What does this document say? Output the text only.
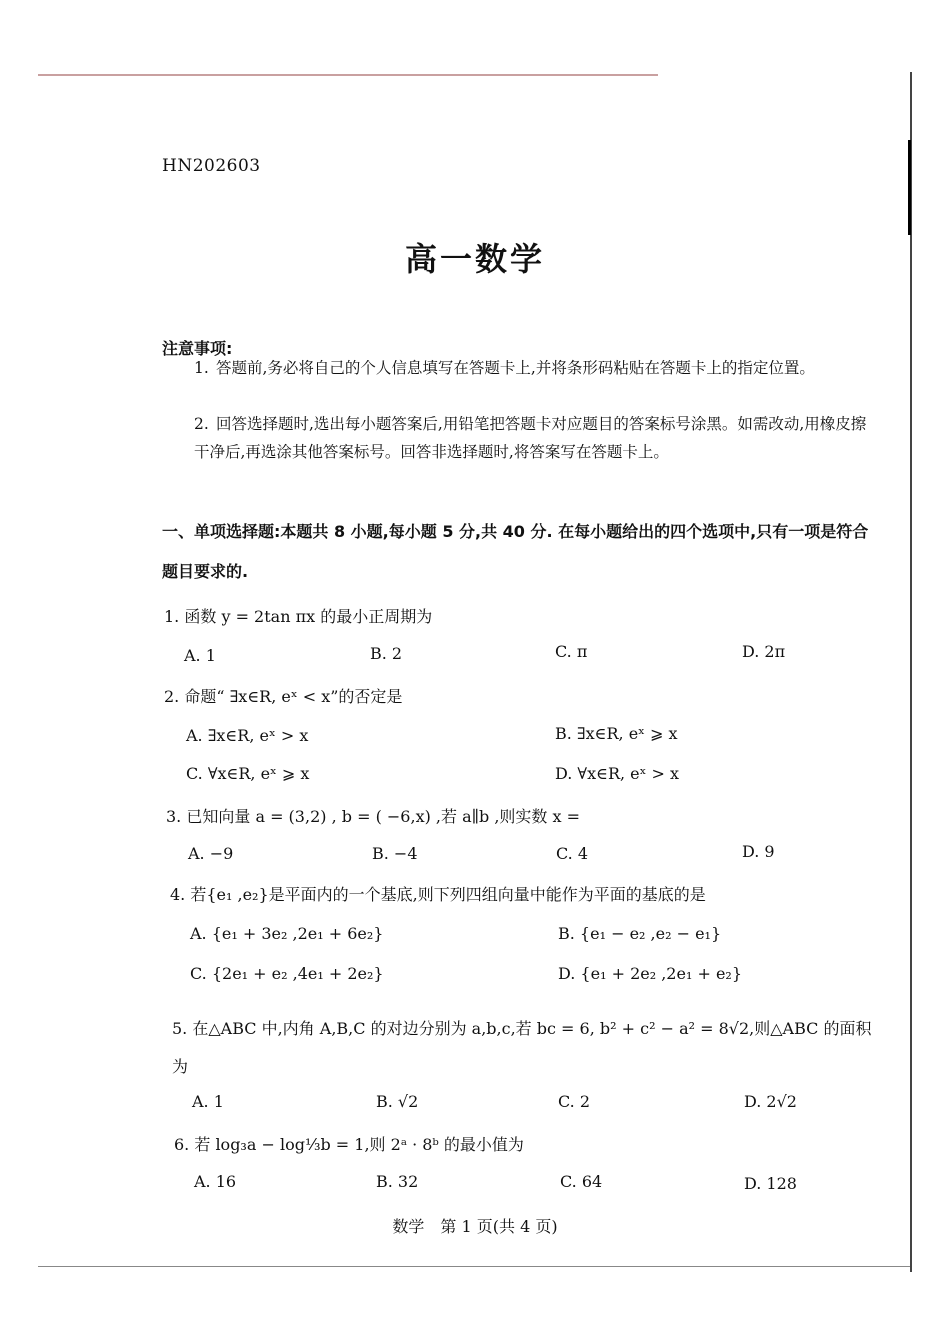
HN202603
高一数学
注意事项:
1. 答题前,务必将自己的个人信息填写在答题卡上,并将条形码粘贴在答题卡上的指定位置。
2. 回答选择题时,选出每小题答案后,用铅笔把答题卡对应题目的答案标号涂黑。如需改动,用橡皮擦干净后,再选涂其他答案标号。回答非选择题时,将答案写在答题卡上。
一、单项选择题:本题共 8 小题,每小题 5 分,共 40 分. 在每小题给出的四个选项中,只有一项是符合题目要求的.
1. 函数 y = 2tan πx 的最小正周期为
A. 1	B. 2	C. π	D. 2π
2. 命题“ ∃x∈R, eˣ < x”的否定是
A. ∃x∈R, eˣ > x	B. ∃x∈R, eˣ ⩾ x
C. ∀x∈R, eˣ ⩾ x	D. ∀x∈R, eˣ > x
3. 已知向量 a = (3,2) , b = ( −6,x) ,若 a∥b ,则实数 x =
A. −9	B. −4	C. 4	D. 9
4. 若{e₁ ,e₂}是平面内的一个基底,则下列四组向量中能作为平面的基底的是
A. {e₁ + 3e₂ ,2e₁ + 6e₂}	B. {e₁ − e₂ ,e₂ − e₁}
C. {2e₁ + e₂ ,4e₁ + 2e₂}	D. {e₁ + 2e₂ ,2e₁ + e₂}
5. 在△ABC 中,内角 A,B,C 的对边分别为 a,b,c,若 bc = 6, b² + c² − a² = 8√2,则△ABC 的面积为
A. 1	B. √2	C. 2	D. 2√2
6. 若 log₃a − log⅓b = 1,则 2ᵃ · 8ᵇ 的最小值为
A. 16	B. 32	C. 64	D. 128
数学　第 1 页(共 4 页)
